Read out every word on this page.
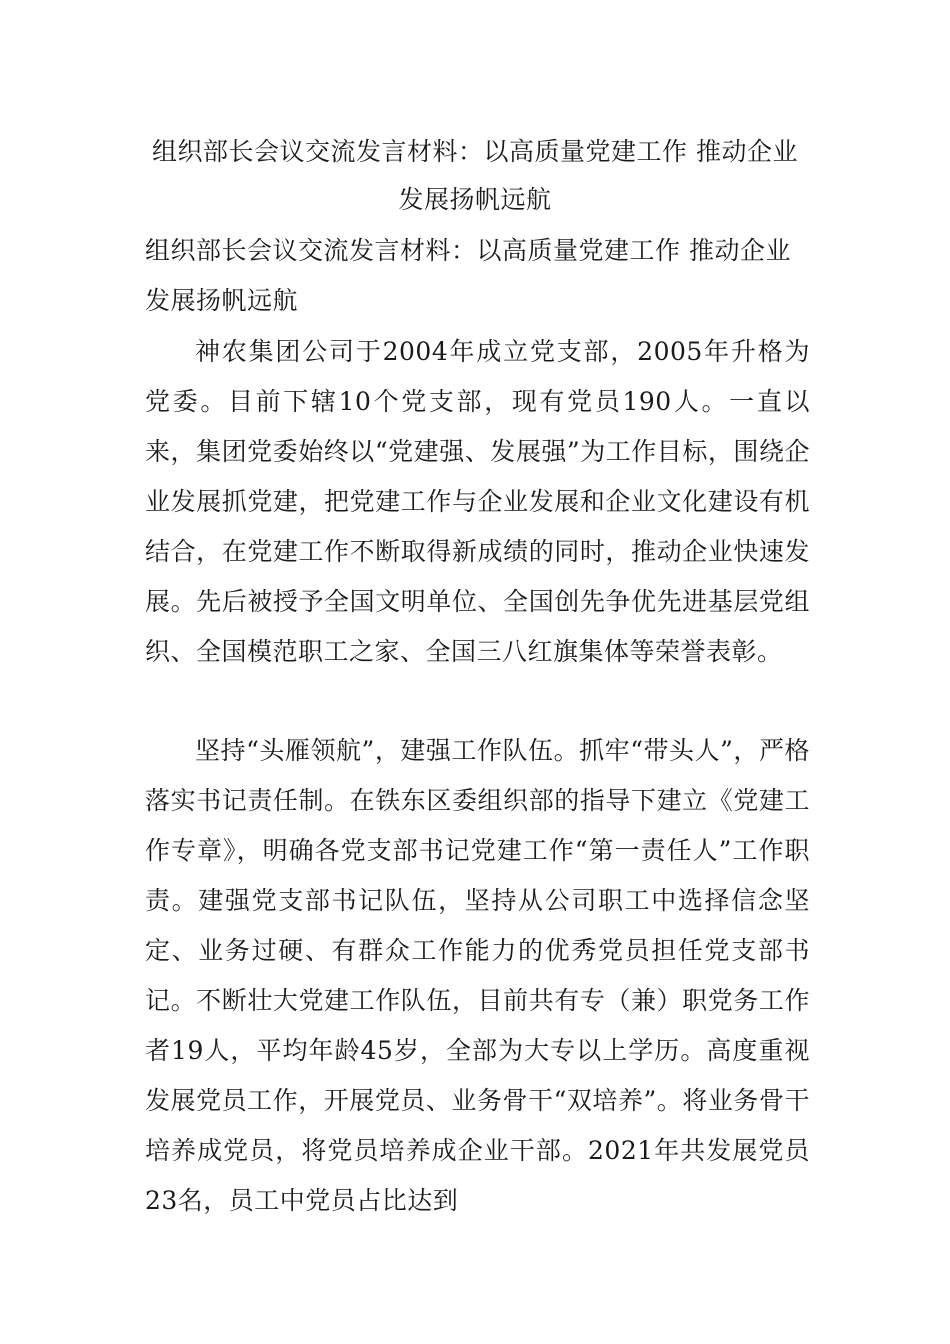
组织部长会议交流发言材料：以高质量党建工作 推动企业发展扬帆远航

组织部长会议交流发言材料：以高质量党建工作 推动企业发展扬帆远航

神农集团公司于2004年成立党支部，2005年升格为党委。目前下辖10个党支部，现有党员190人。一直以来，集团党委始终以“党建强、发展强”为工作目标，围绕企业发展抓党建，把党建工作与企业发展和企业文化建设有机结合，在党建工作不断取得新成绩的同时，推动企业快速发展。先后被授予全国文明单位、全国创先争优先进基层党组织、全国模范职工之家、全国三八红旗集体等荣誉表彰。

坚持“头雁领航”，建强工作队伍。抓牢“带头人”，严格落实书记责任制。在铁东区委组织部的指导下建立《党建工作专章》，明确各党支部书记党建工作“第一责任人”工作职责。建强党支部书记队伍，坚持从公司职工中选择信念坚定、业务过硬、有群众工作能力的优秀党员担任党支部书记。不断壮大党建工作队伍，目前共有专（兼）职党务工作者19人，平均年龄45岁，全部为大专以上学历。高度重视发展党员工作，开展党员、业务骨干“双培养”。将业务骨干培养成党员，将党员培养成企业干部。2021年共发展党员23名，员工中党员占比达到
